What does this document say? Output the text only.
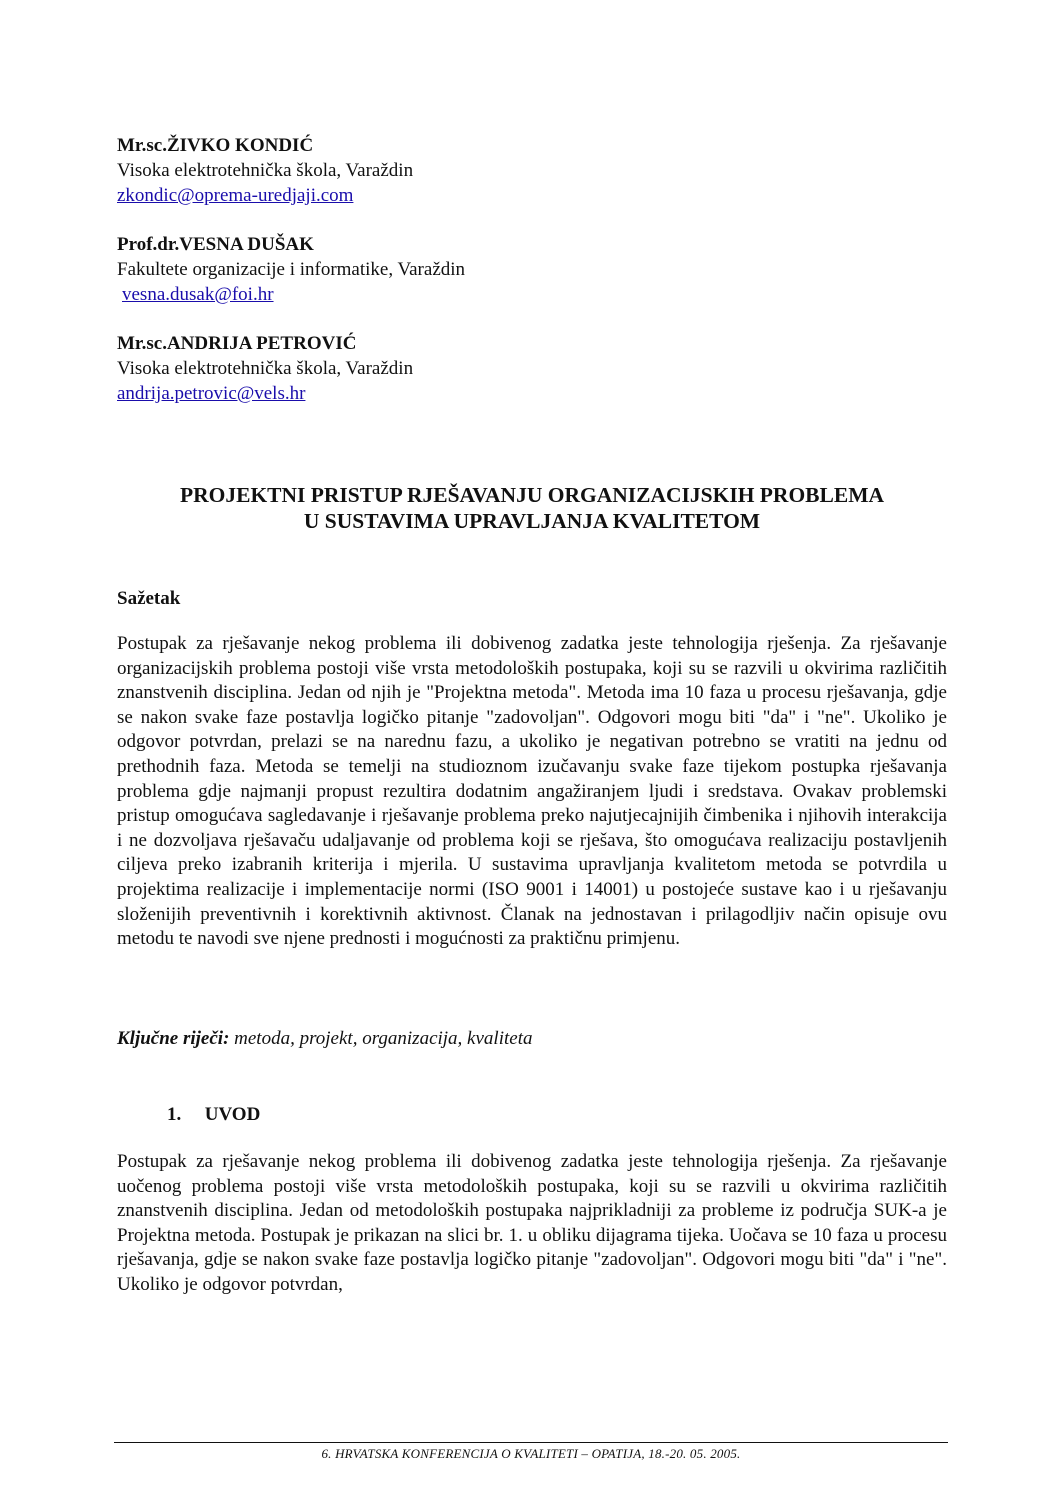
Mr.sc.ŽIVKO KONDIĆ
Visoka elektrotehnička škola, Varaždin
zkondic@oprema-uredjaji.com
Prof.dr.VESNA DUŠAK
Fakultete organizacije i informatike, Varaždin
vesna.dusak@foi.hr
Mr.sc.ANDRIJA PETROVIĆ
Visoka elektrotehnička škola, Varaždin
andrija.petrovic@vels.hr
PROJEKTNI PRISTUP RJEŠAVANJU ORGANIZACIJSKIH PROBLEMA
U SUSTAVIMA UPRAVLJANJA KVALITETOM
Sažetak

Postupak za rješavanje nekog problema ili dobivenog zadatka jeste tehnologija rješenja. Za rješavanje organizacijskih problema postoji više vrsta metodoloških postupaka, koji su se razvili u okvirima različitih znanstvenih disciplina. Jedan od njih je "Projektna metoda". Metoda ima 10 faza u procesu rješavanja, gdje se nakon svake faze postavlja logičko pitanje "zadovoljan". Odgovori mogu biti "da" i "ne". Ukoliko je odgovor potvrdan, prelazi se na narednu fazu, a ukoliko je negativan potrebno se vratiti na jednu od prethodnih faza. Metoda se temelji na studioznom izučavanju svake faze tijekom postupka rješavanja problema gdje najmanji propust rezultira dodatnim angažiranjem ljudi i sredstava. Ovakav problemski pristup omogućava sagledavanje i rješavanje problema preko najutjecajnijih čimbenika i njihovih interakcija i ne dozvoljava rješavaču udaljavanje od problema koji se rješava, što omogućava realizaciju postavljenih ciljeva preko izabranih kriterija i mjerila. U sustavima upravljanja kvalitetom metoda se potvrdila u projektima realizacije i implementacije normi (ISO 9001 i 14001) u postojeće sustave kao i u rješavanju složenijih preventivnih i korektivnih aktivnost. Članak na jednostavan i prilagodljiv način opisuje ovu metodu te navodi sve njene prednosti i mogućnosti za praktičnu primjenu.

Ključne riječi: metoda, projekt, organizacija, kvaliteta
1. UVOD

Postupak za rješavanje nekog problema ili dobivenog zadatka jeste tehnologija rješenja. Za rješavanje uočenog problema postoji više vrsta metodoloških postupaka, koji su se razvili u okvirima različitih znanstvenih disciplina. Jedan od metodoloških postupaka najprikladniji za probleme iz područja SUK-a je Projektna metoda. Postupak je prikazan na slici br. 1. u obliku dijagrama tijeka. Uočava se 10 faza u procesu rješavanja, gdje se nakon svake faze postavlja logičko pitanje "zadovoljan". Odgovori mogu biti "da" i "ne". Ukoliko je odgovor potvrdan,

6. HRVATSKA KONFERENCIJA O KVALITETI – OPATIJA, 18.-20. 05. 2005.
